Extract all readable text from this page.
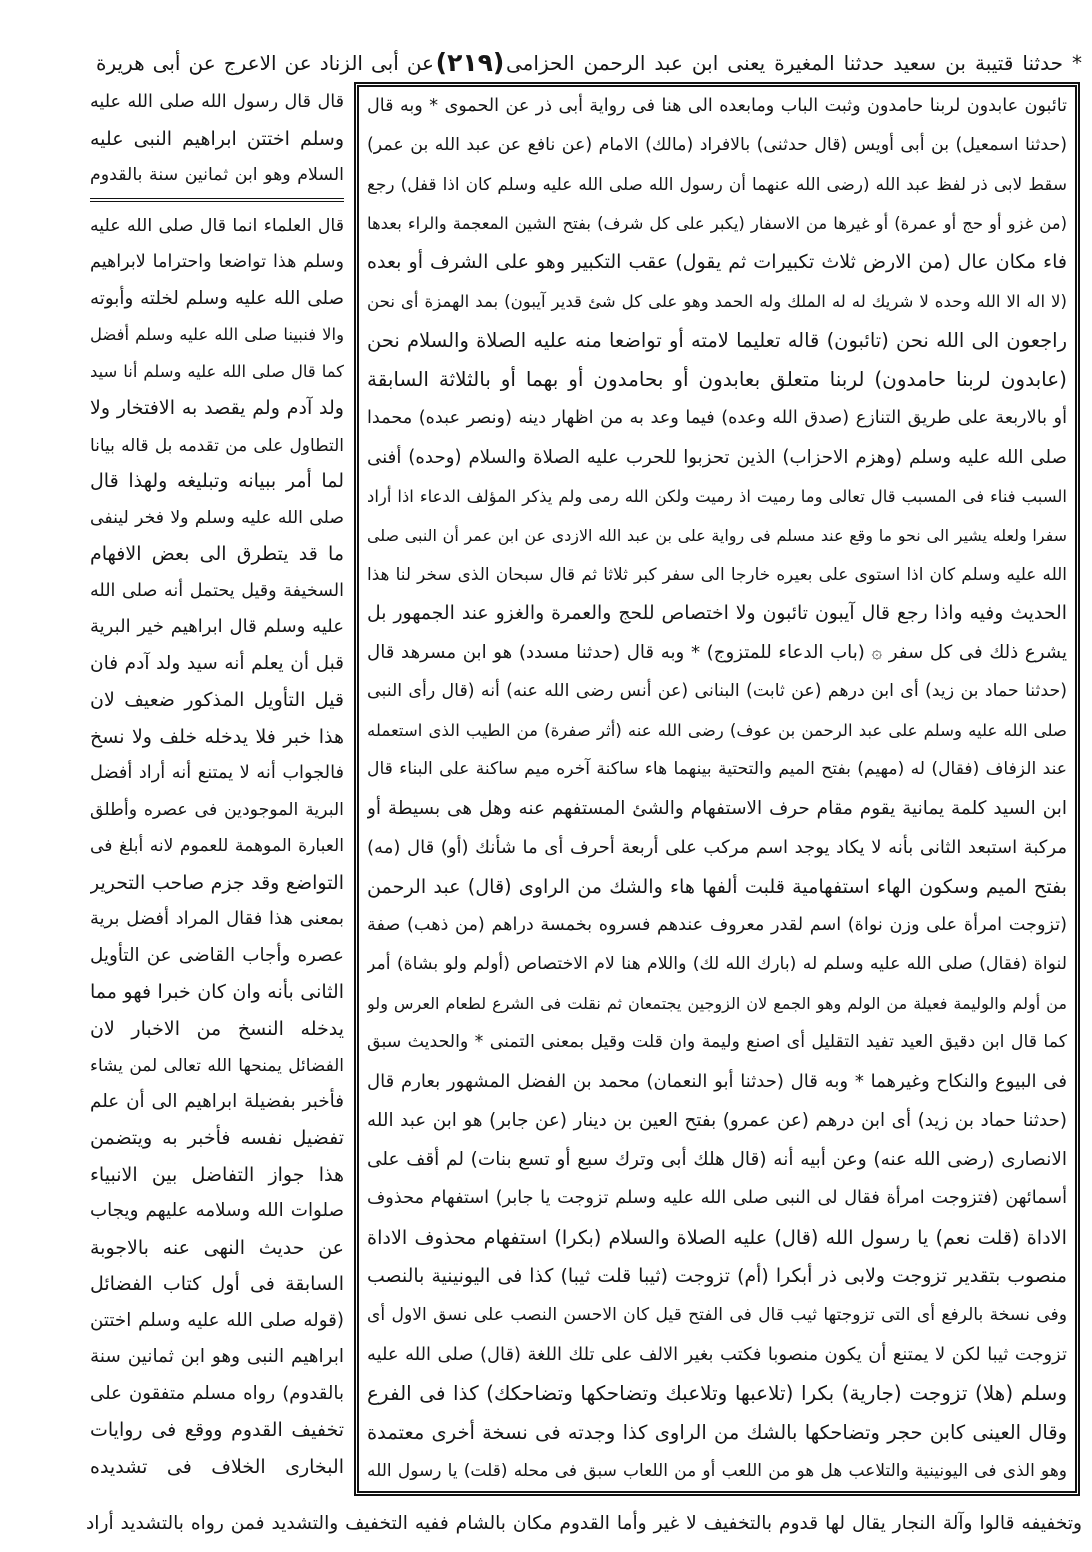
* حدثنا قتيبة بن سعيد حدثنا المغيرة يعنى ابن عبد الرحمن الحزامى
(٢١٩)
عن أبى الزناد عن الاعرج عن أبى هريرة
تائبون عابدون لربنا حامدون وثبت الباب ومابعده الى هنا فى رواية أبى ذر عن الحموى * وبه قال
(حدثنا اسمعيل) بن أبى أويس (قال حدثنى) بالافراد (مالك) الامام (عن نافع عن عبد الله بن عمر)
سقط لابى ذر لفظ عبد الله (رضى الله عنهما أن رسول الله صلى الله عليه وسلم كان اذا قفل) رجع
(من غزو أو حج أو عمرة) أو غيرها من الاسفار (يكبر على كل شرف) بفتح الشين المعجمة والراء بعدها
فاء مكان عال (من الارض ثلاث تكبيرات ثم يقول) عقب التكبير وهو على الشرف أو بعده
(لا اله الا الله وحده لا شريك له له الملك وله الحمد وهو على كل شئ قدير آيبون) بمد الهمزة أى نحن
راجعون الى الله نحن (تائبون) قاله تعليما لامته أو تواضعا منه عليه الصلاة والسلام نحن
(عابدون لربنا حامدون) لربنا متعلق بعابدون أو بحامدون أو بهما أو بالثلاثة السابقة
أو بالاربعة على طريق التنازع (صدق الله وعده) فيما وعد به من اظهار دينه (ونصر عبده) محمدا
صلى الله عليه وسلم (وهزم الاحزاب) الذين تحزبوا للحرب عليه الصلاة والسلام (وحده) أفنى
السبب فناء فى المسبب قال تعالى وما رميت اذ رميت ولكن الله رمى ولم يذكر المؤلف الدعاء اذا أراد
سفرا ولعله يشير الى نحو ما وقع عند مسلم فى رواية على بن عبد الله الازدى عن ابن عمر أن النبى صلى
الله عليه وسلم كان اذا استوى على بعيره خارجا الى سفر كبر ثلاثا ثم قال سبحان الذى سخر لنا هذا
الحديث وفيه واذا رجع قال آيبون تائبون ولا اختصاص للحج والعمرة والغزو عند الجمهور بل
يشرع ذلك فى كل سفر ۞ (باب الدعاء للمتزوج) * وبه قال (حدثنا مسدد) هو ابن مسرهد قال
(حدثنا حماد بن زيد) أى ابن درهم (عن ثابت) البنانى (عن أنس رضى الله عنه) أنه (قال رأى النبى
صلى الله عليه وسلم على عبد الرحمن بن عوف) رضى الله عنه (أثر صفرة) من الطيب الذى استعمله
عند الزفاف (فقال) له (مهيم) بفتح الميم والتحتية بينهما هاء ساكنة آخره ميم ساكنة على البناء قال
ابن السيد كلمة يمانية يقوم مقام حرف الاستفهام والشئ المستفهم عنه وهل هى بسيطة أو
مركبة استبعد الثانى بأنه لا يكاد يوجد اسم مركب على أربعة أحرف أى ما شأنك (أو) قال (مه)
بفتح الميم وسكون الهاء استفهامية قلبت ألفها هاء والشك من الراوى (قال) عبد الرحمن
(تزوجت امرأة على وزن نواة) اسم لقدر معروف عندهم فسروه بخمسة دراهم (من ذهب) صفة
لنواة (فقال) صلى الله عليه وسلم له (بارك الله لك) واللام هنا لام الاختصاص (أولم ولو بشاة) أمر
من أولم والوليمة فعيلة من الولم وهو الجمع لان الزوجين يجتمعان ثم نقلت فى الشرع لطعام العرس ولو
كما قال ابن دقيق العيد تفيد التقليل أى اصنع وليمة وان قلت وقيل بمعنى التمنى * والحديث سبق
فى البيوع والنكاح وغيرهما * وبه قال (حدثنا أبو النعمان) محمد بن الفضل المشهور بعارم قال
(حدثنا حماد بن زيد) أى ابن درهم (عن عمرو) بفتح العين بن دينار (عن جابر) هو ابن عبد الله
الانصارى (رضى الله عنه) وعن أبيه أنه (قال هلك أبى وترك سبع أو تسع بنات) لم أقف على
أسمائهن (فتزوجت امرأة فقال لى النبى صلى الله عليه وسلم تزوجت يا جابر) استفهام محذوف
الاداة (قلت نعم) يا رسول الله (قال) عليه الصلاة والسلام (بكرا) استفهام محذوف الاداة
منصوب بتقدير تزوجت ولابى ذر أبكرا (أم) تزوجت (ثيبا قلت ثيبا) كذا فى اليونينية بالنصب
وفى نسخة بالرفع أى التى تزوجتها ثيب قال فى الفتح قيل كان الاحسن النصب على نسق الاول أى
تزوجت ثيبا لكن لا يمتنع أن يكون منصوبا فكتب بغير الالف على تلك اللغة (قال) صلى الله عليه
وسلم (هلا) تزوجت (جارية) بكرا (تلاعبها وتلاعبك وتضاحكها وتضاحكك) كذا فى الفرع
وقال العينى كابن حجر وتضاحكها بالشك من الراوى كذا وجدته فى نسخة أخرى معتمدة
وهو الذى فى اليونينية والتلاعب هل هو من اللعب أو من اللعاب سبق فى محله (قلت) يا رسول الله
قال قال رسول الله صلى الله عليه
وسلم اختتن ابراهيم النبى عليه
السلام وهو ابن ثمانين سنة بالقدوم
قال العلماء انما قال صلى الله عليه
وسلم هذا تواضعا واحتراما لابراهيم
صلى الله عليه وسلم لخلته وأبوته
والا فنبينا صلى الله عليه وسلم أفضل
كما قال صلى الله عليه وسلم أنا سيد
ولد آدم ولم يقصد به الافتخار ولا
التطاول على من تقدمه بل قاله بيانا
لما أمر ببيانه وتبليغه ولهذا قال
صلى الله عليه وسلم ولا فخر لينفى
ما قد يتطرق الى بعض الافهام
السخيفة وقيل يحتمل أنه صلى الله
عليه وسلم قال ابراهيم خير البرية
قبل أن يعلم أنه سيد ولد آدم فان
قيل التأويل المذكور ضعيف لان
هذا خبر فلا يدخله خلف ولا نسخ
فالجواب أنه لا يمتنع أنه أراد أفضل
البرية الموجودين فى عصره وأطلق
العبارة الموهمة للعموم لانه أبلغ فى
التواضع وقد جزم صاحب التحرير
بمعنى هذا فقال المراد أفضل برية
عصره وأجاب القاضى عن التأويل
الثانى بأنه وان كان خبرا فهو مما
يدخله النسخ من الاخبار لان
الفضائل يمنحها الله تعالى لمن يشاء
فأخبر بفضيلة ابراهيم الى أن علم
تفضيل نفسه فأخبر به ويتضمن
هذا جواز التفاضل بين الانبياء
صلوات الله وسلامه عليهم ويجاب
عن حديث النهى عنه بالاجوبة
السابقة فى أول كتاب الفضائل
(قوله صلى الله عليه وسلم اختتن
ابراهيم النبى وهو ابن ثمانين سنة
بالقدوم) رواه مسلم متفقون على
تخفيف القدوم ووقع فى روايات
البخارى الخلاف فى تشديده
وتخفيفه قالوا وآلة النجار يقال لها قدوم بالتخفيف لا غير وأما القدوم مكان بالشام ففيه التخفيف والتشديد فمن رواه بالتشديد أراد
